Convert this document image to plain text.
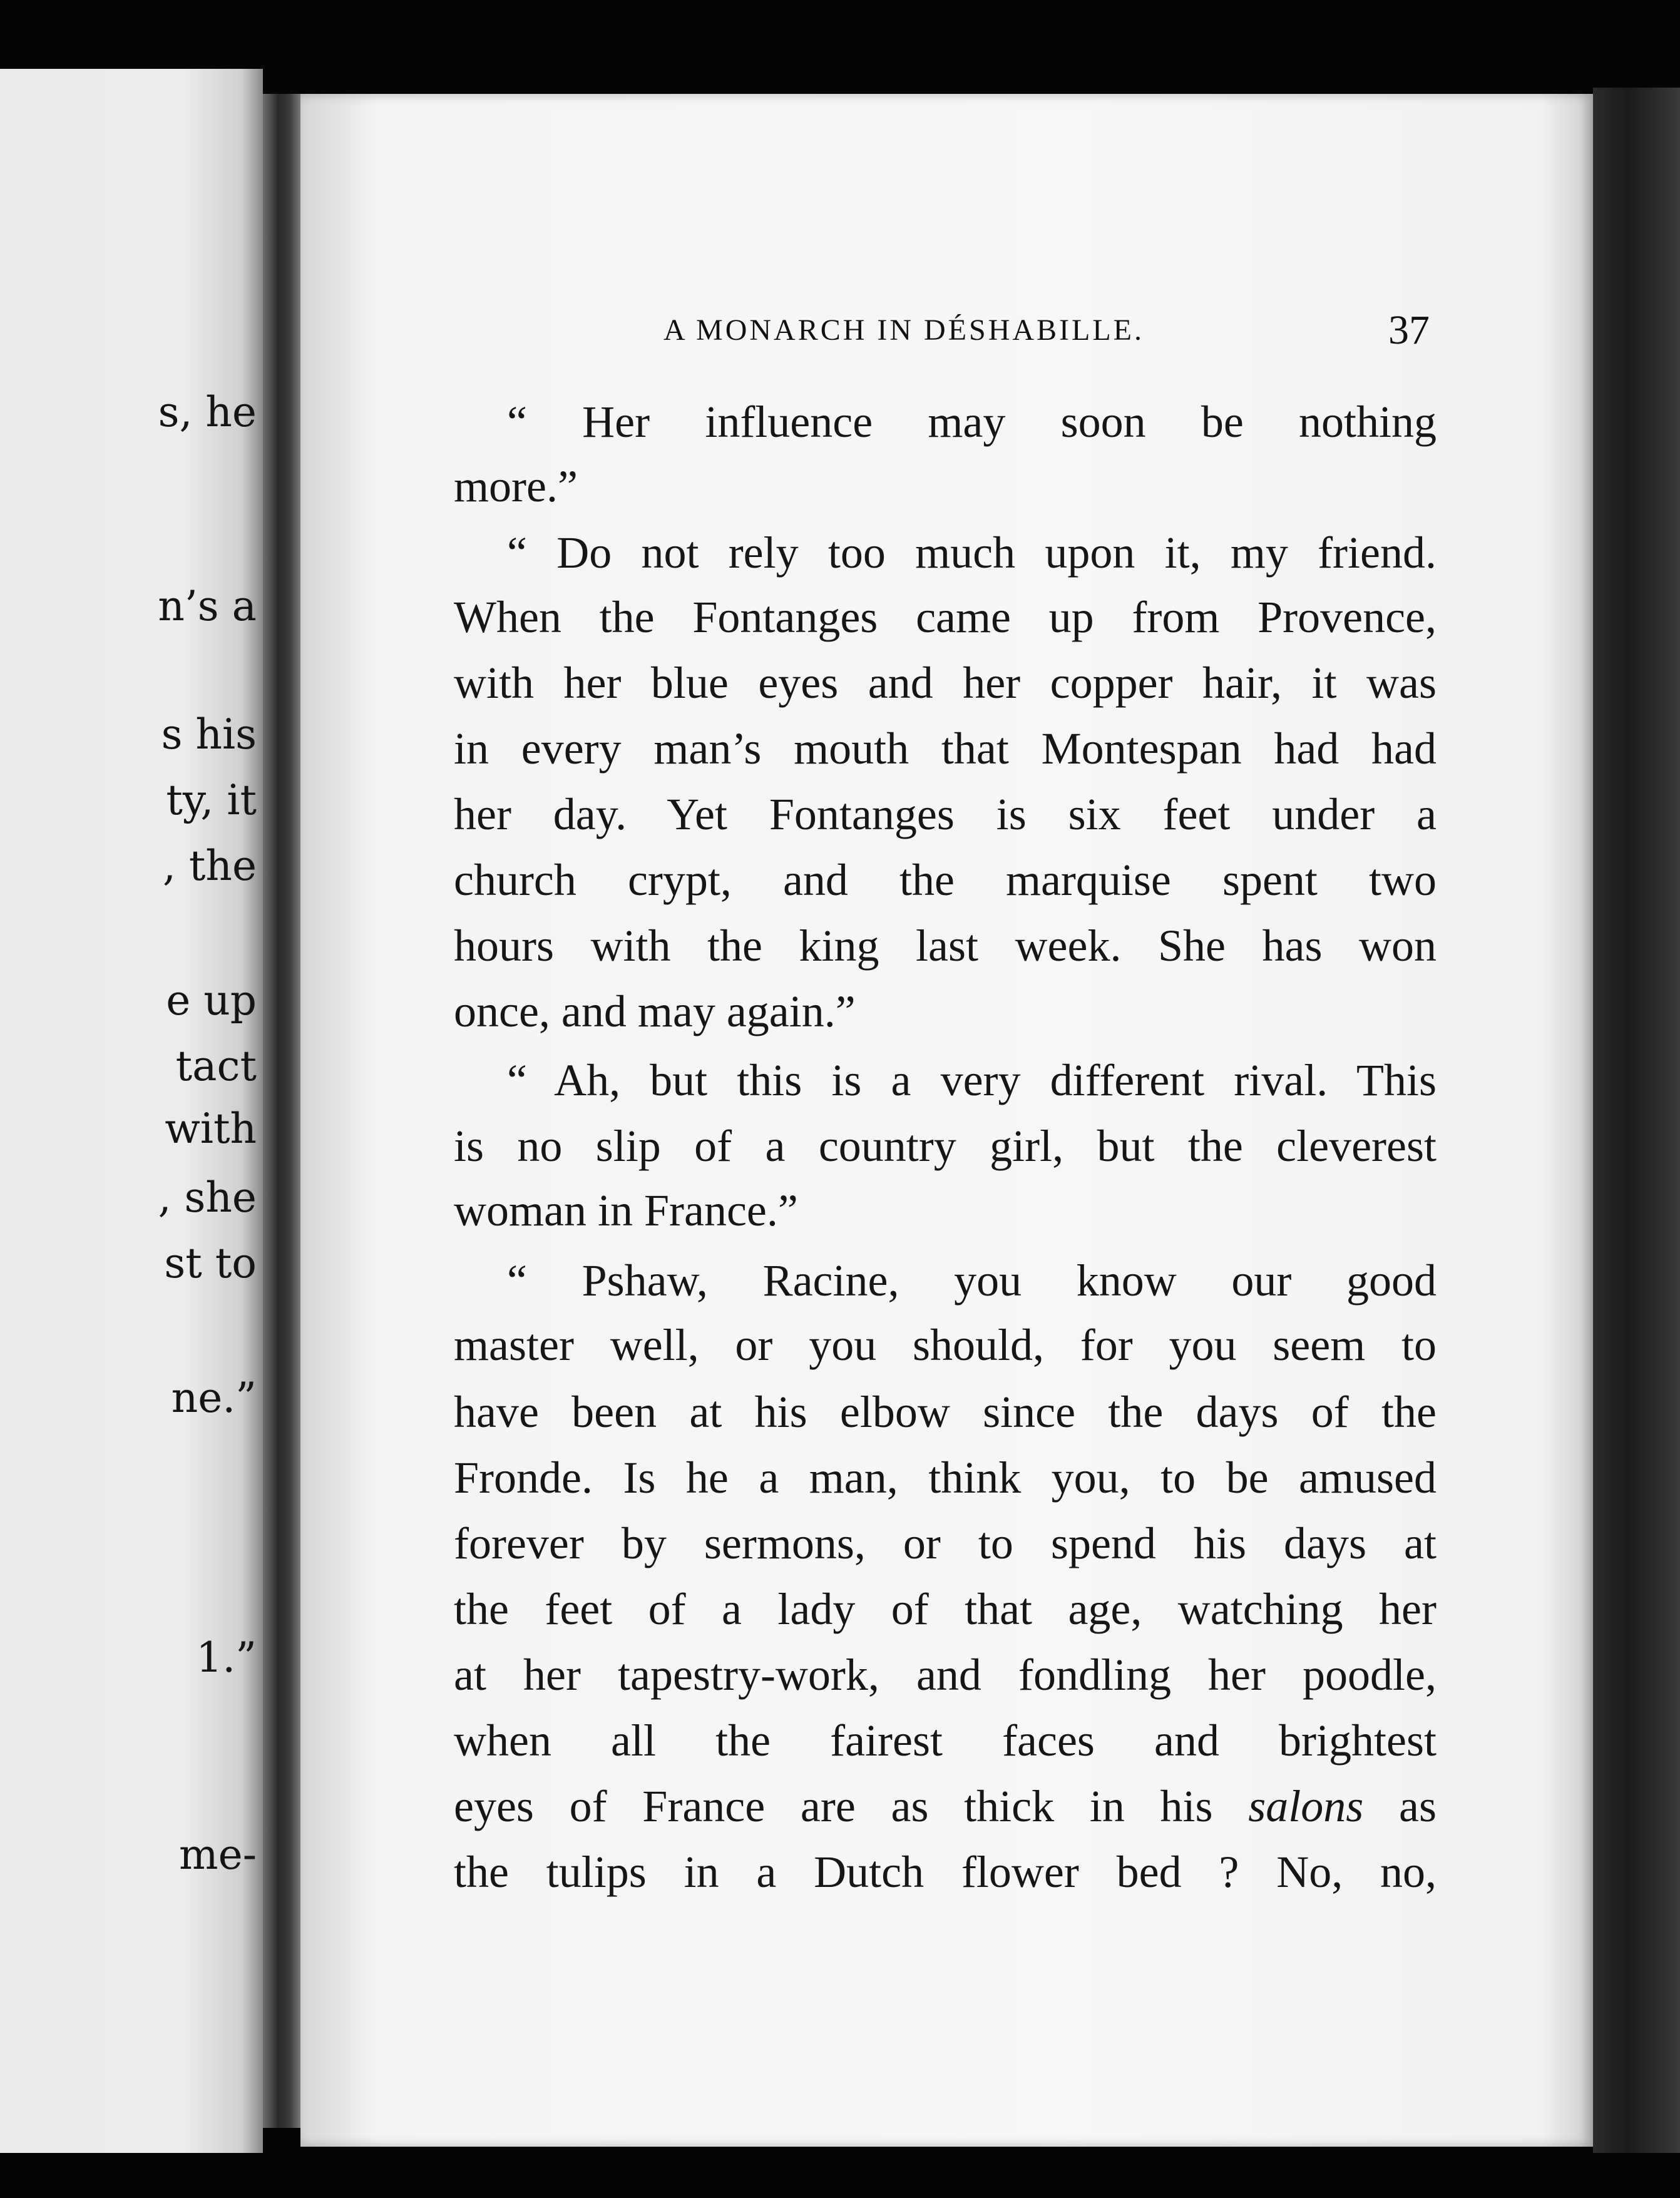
s, he
n’s a
s his
ty, it
, the
e up
tact
with
, she
st to
ne.”
1.”
me-
A MONARCH IN DÉSHABILLE.	37
“ Her influence may soon be nothing
more.”
“ Do not rely too much upon it, my friend.
When the Fontanges came up from Provence,
with her blue eyes and her copper hair, it was
in every man’s mouth that Montespan had had
her day. Yet Fontanges is six feet under a
church crypt, and the marquise spent two
hours with the king last week. She has won
once, and may again.”
“ Ah, but this is a very different rival. This
is no slip of a country girl, but the cleverest
woman in France.”
“ Pshaw, Racine, you know our good
master well, or you should, for you seem to
have been at his elbow since the days of the
Fronde. Is he a man, think you, to be amused
forever by sermons, or to spend his days at
the feet of a lady of that age, watching her
at her tapestry-work, and fondling her poodle,
when all the fairest faces and brightest
eyes of France are as thick in his salons as
the tulips in a Dutch flower bed ? No, no,
